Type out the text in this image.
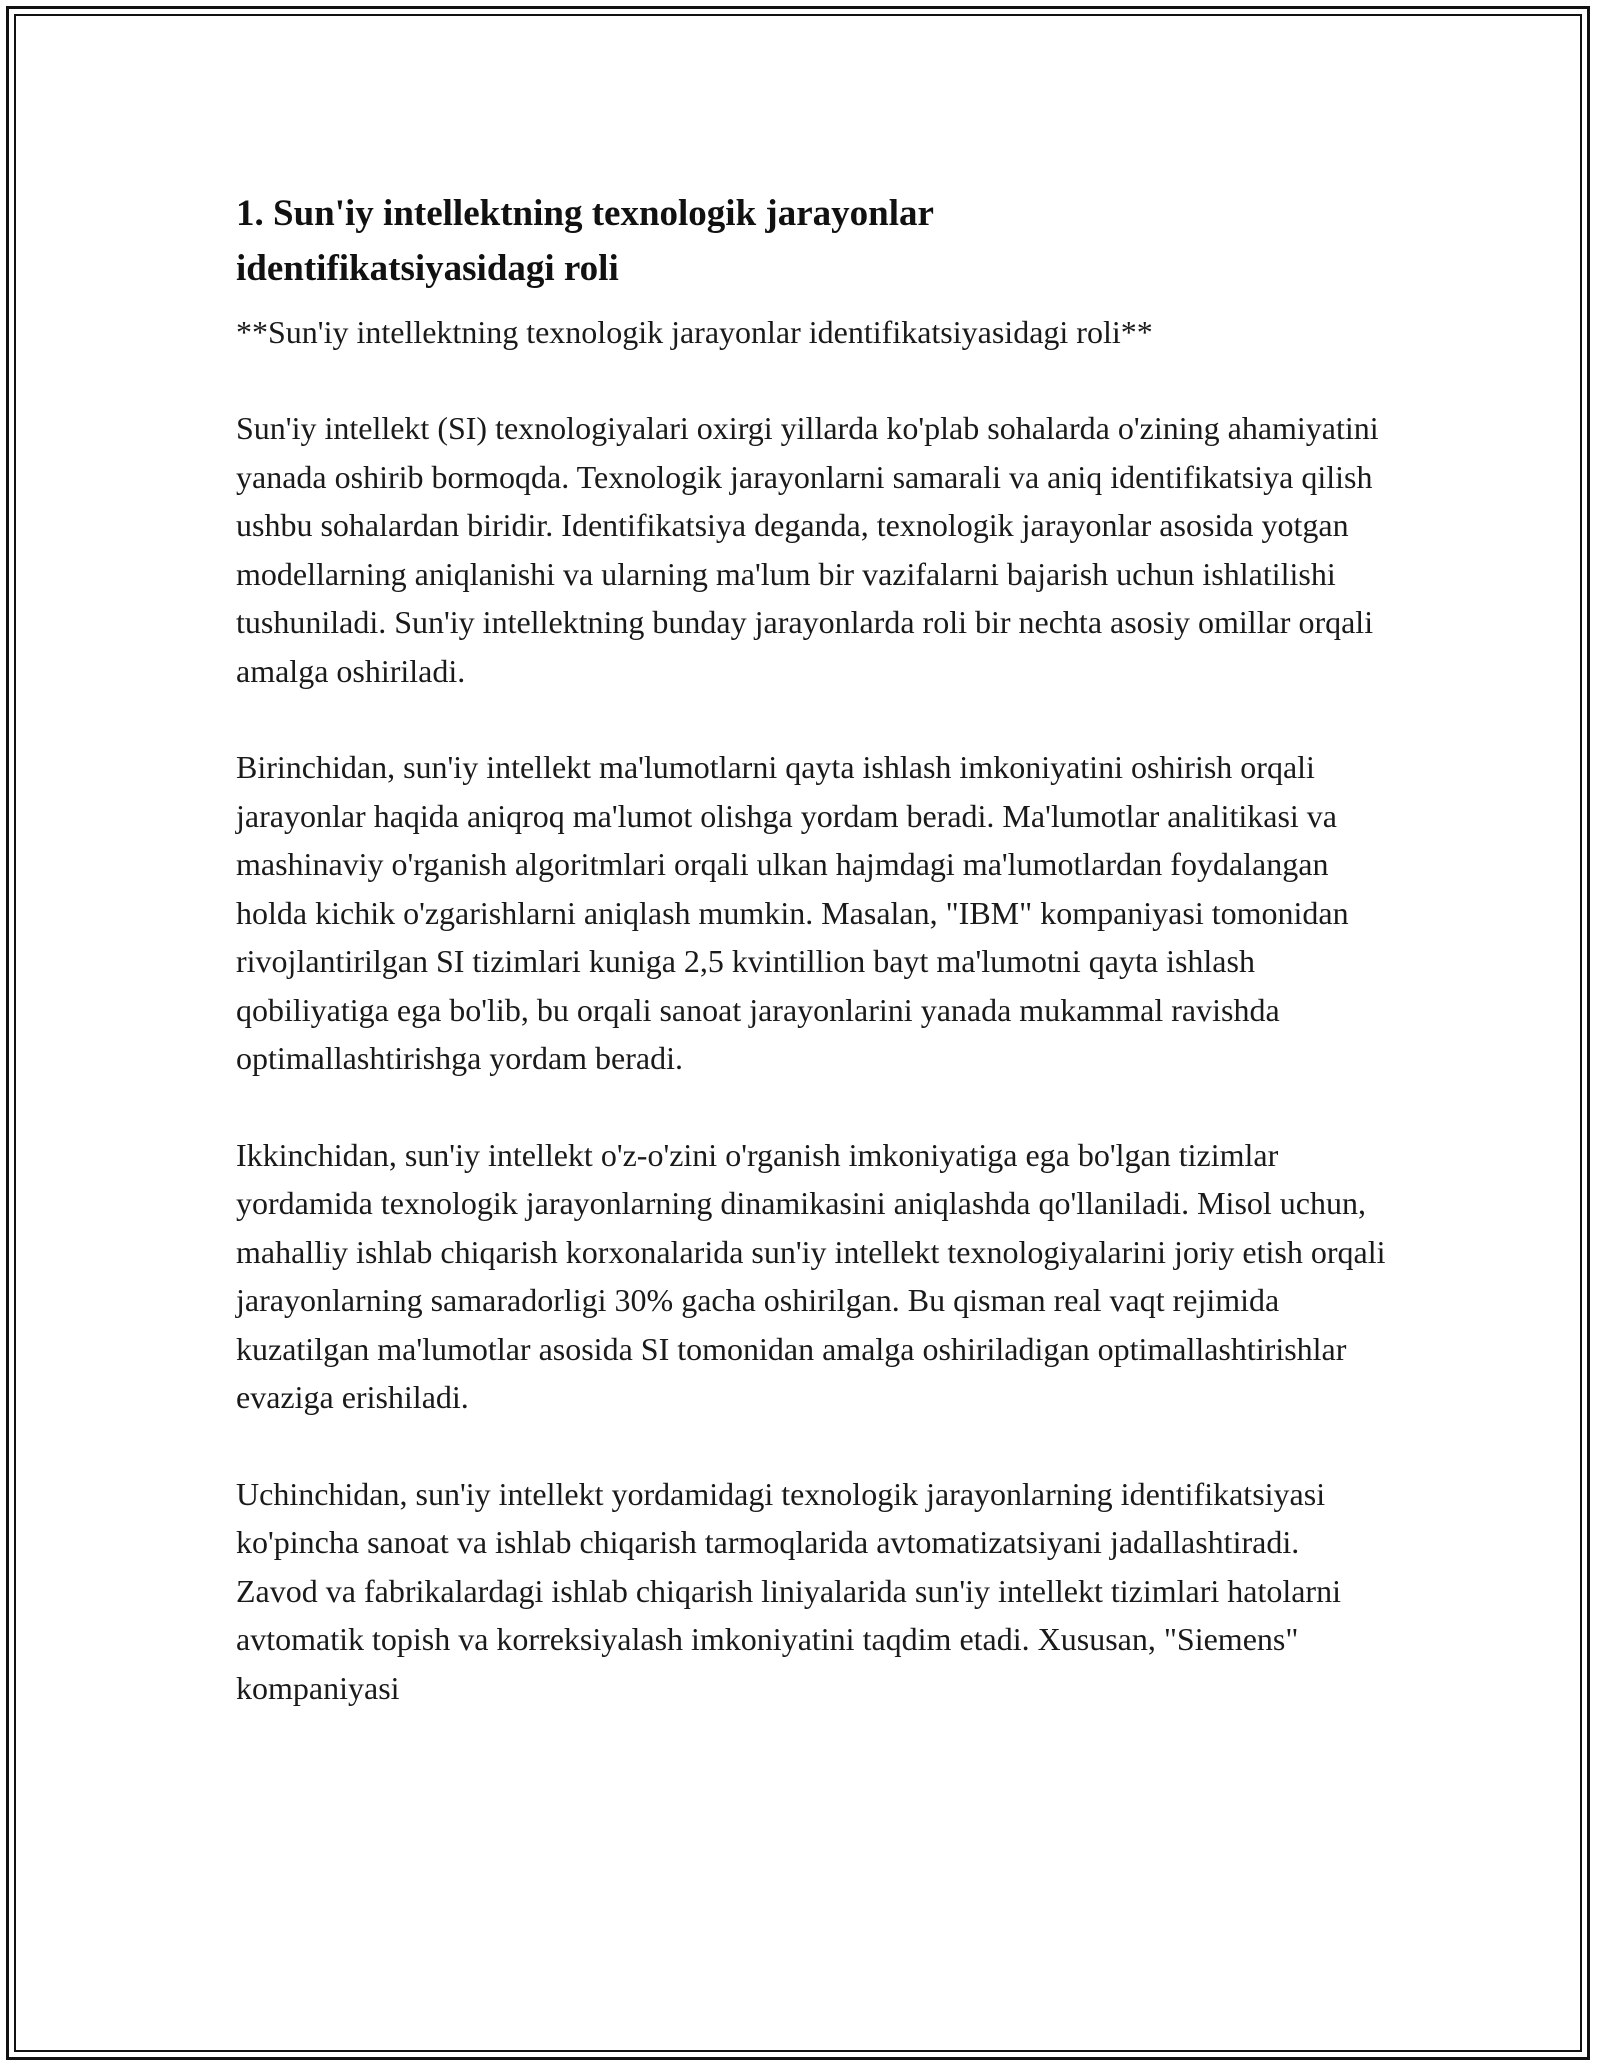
1. Sun'iy intellektning texnologik jarayonlar identifikatsiyasidagi roli

**Sun'iy intellektning texnologik jarayonlar identifikatsiyasidagi roli**

Sun'iy intellekt (SI) texnologiyalari oxirgi yillarda ko'plab sohalarda o'zining ahamiyatini yanada oshirib bormoqda. Texnologik jarayonlarni samarali va aniq identifikatsiya qilish ushbu sohalardan biridir. Identifikatsiya deganda, texnologik jarayonlar asosida yotgan modellarning aniqlanishi va ularning ma'lum bir vazifalarni bajarish uchun ishlatilishi tushuniladi. Sun'iy intellektning bunday jarayonlarda roli bir nechta asosiy omillar orqali amalga oshiriladi.

Birinchidan, sun'iy intellekt ma'lumotlarni qayta ishlash imkoniyatini oshirish orqali jarayonlar haqida aniqroq ma'lumot olishga yordam beradi. Ma'lumotlar analitikasi va mashinaviy o'rganish algoritmlari orqali ulkan hajmdagi ma'lumotlardan foydalangan holda kichik o'zgarishlarni aniqlash mumkin. Masalan, "IBM" kompaniyasi tomonidan rivojlantirilgan SI tizimlari kuniga 2,5 kvintillion bayt ma'lumotni qayta ishlash qobiliyatiga ega bo'lib, bu orqali sanoat jarayonlarini yanada mukammal ravishda optimallashtirishga yordam beradi.

Ikkinchidan, sun'iy intellekt o'z-o'zini o'rganish imkoniyatiga ega bo'lgan tizimlar yordamida texnologik jarayonlarning dinamikasini aniqlashda qo'llaniladi. Misol uchun, mahalliy ishlab chiqarish korxonalarida sun'iy intellekt texnologiyalarini joriy etish orqali jarayonlarning samaradorligi 30% gacha oshirilgan. Bu qisman real vaqt rejimida kuzatilgan ma'lumotlar asosida SI tomonidan amalga oshiriladigan optimallashtirishlar evaziga erishiladi.

Uchinchidan, sun'iy intellekt yordamidagi texnologik jarayonlarning identifikatsiyasi ko'pincha sanoat va ishlab chiqarish tarmoqlarida avtomatizatsiyani jadallashtiradi. Zavod va fabrikalardagi ishlab chiqarish liniyalarida sun'iy intellekt tizimlari hatolarni avtomatik topish va korreksiyalash imkoniyatini taqdim etadi. Xususan, "Siemens" kompaniyasi
